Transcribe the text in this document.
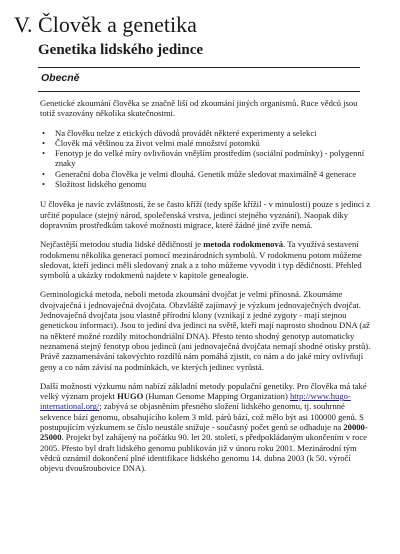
V. Člověk a genetika
Genetika lidského jedince
Obecně

Genetické zkoumání člověka se značně liší od zkoumání jiných organismů. Ruce vědců jsou totiž svazovány několika skutečnostmi.

• Na člověku nelze z etických důvodů provádět některé experimenty a selekci
• Člověk má většinou za život velmi malé množství potomků
• Fenotyp je do velké míry ovlivňován vnějším prostředím (sociální podmínky) - polygenní znaky
• Generační doba člověka je velmi dlouhá. Genetik může sledovat maximálně 4 generace
• Složitost lidského genomu

U člověka je navíc zvláštností, že se často kříží (tedy spíše křížil - v minulosti) pouze s jedinci z určité populace (stejný národ, společenská vrstva, jedinci stejného vyznání). Naopak díky dopravním prostředkům takové možnosti migrace, které žádné jiné zvíře nemá.

Nejčastější metodou studia lidské dědičnosti je metoda rodokmenová. Ta využívá sestavení rodokmenu několika generací pomocí mezinárodních symbolů. V rodokmenu potom můžeme sledovat, kteří jedinci měli sledovaný znak a z toho můžeme vyvodit i typ dědičnosti. Přehled symbolů a ukázky rodokmenů najdete v kapitole genealogie.

Geminologická metoda, neboli metoda zkoumání dvojčat je velmi přínosná. Zkoumáme dvojvaječná i jednovaječná dvojčata. Obzvláště zajímavý je výzkum jednovaječných dvojčat. Jednovaječná dvojčata jsou vlastně přírodní klony (vznikají z jedné zygoty - mají stejnou genetickou informaci). Jsou to jediní dva jedinci na světě, kteří mají naprosto shodnou DNA (až na některé možné rozdíly mitochondriální DNA). Přesto tento shodný genotyp automaticky neznamená stejný fenotyp obou jedinců (ani jednovaječná dvojčata nemají shodné otisky prstů). Právě zaznamenávání takovýchto rozdílů nám pomáhá zjistit, co nám a do jaké míry ovlivňují geny a co nám závisí na podmínkách, ve kterých jedinec vyrůstá.

Další možnosti výzkumu nám nabízí základní metody populační genetiky. Pro člověka má také velký význam projekt HUGO (Human Genome Mapping Organization) http://www.hugo-international.org/; zabývá se objasněním přesného složení lidského genomu, tj. souhrnné sekvence bází genomu, obsahujícího kolem 3 mld. párů bází, což mělo být asi 100000 genů. S postupujícím výzkumem se číslo neustále snižuje - současný počet genů se odhaduje na 20000-25000. Projekt byl zahájený na počátku 90. let 20. století, s předpokládaným ukončením v roce 2005. Přesto byl draft lidského genomu publikován již v únoru roku 2001. Mezinárodní tým vědců oznámil dokončení plné identifikace lidského genomu 14. dubna 2003 (k 50. výročí objevu dvoušroubovice DNA).
